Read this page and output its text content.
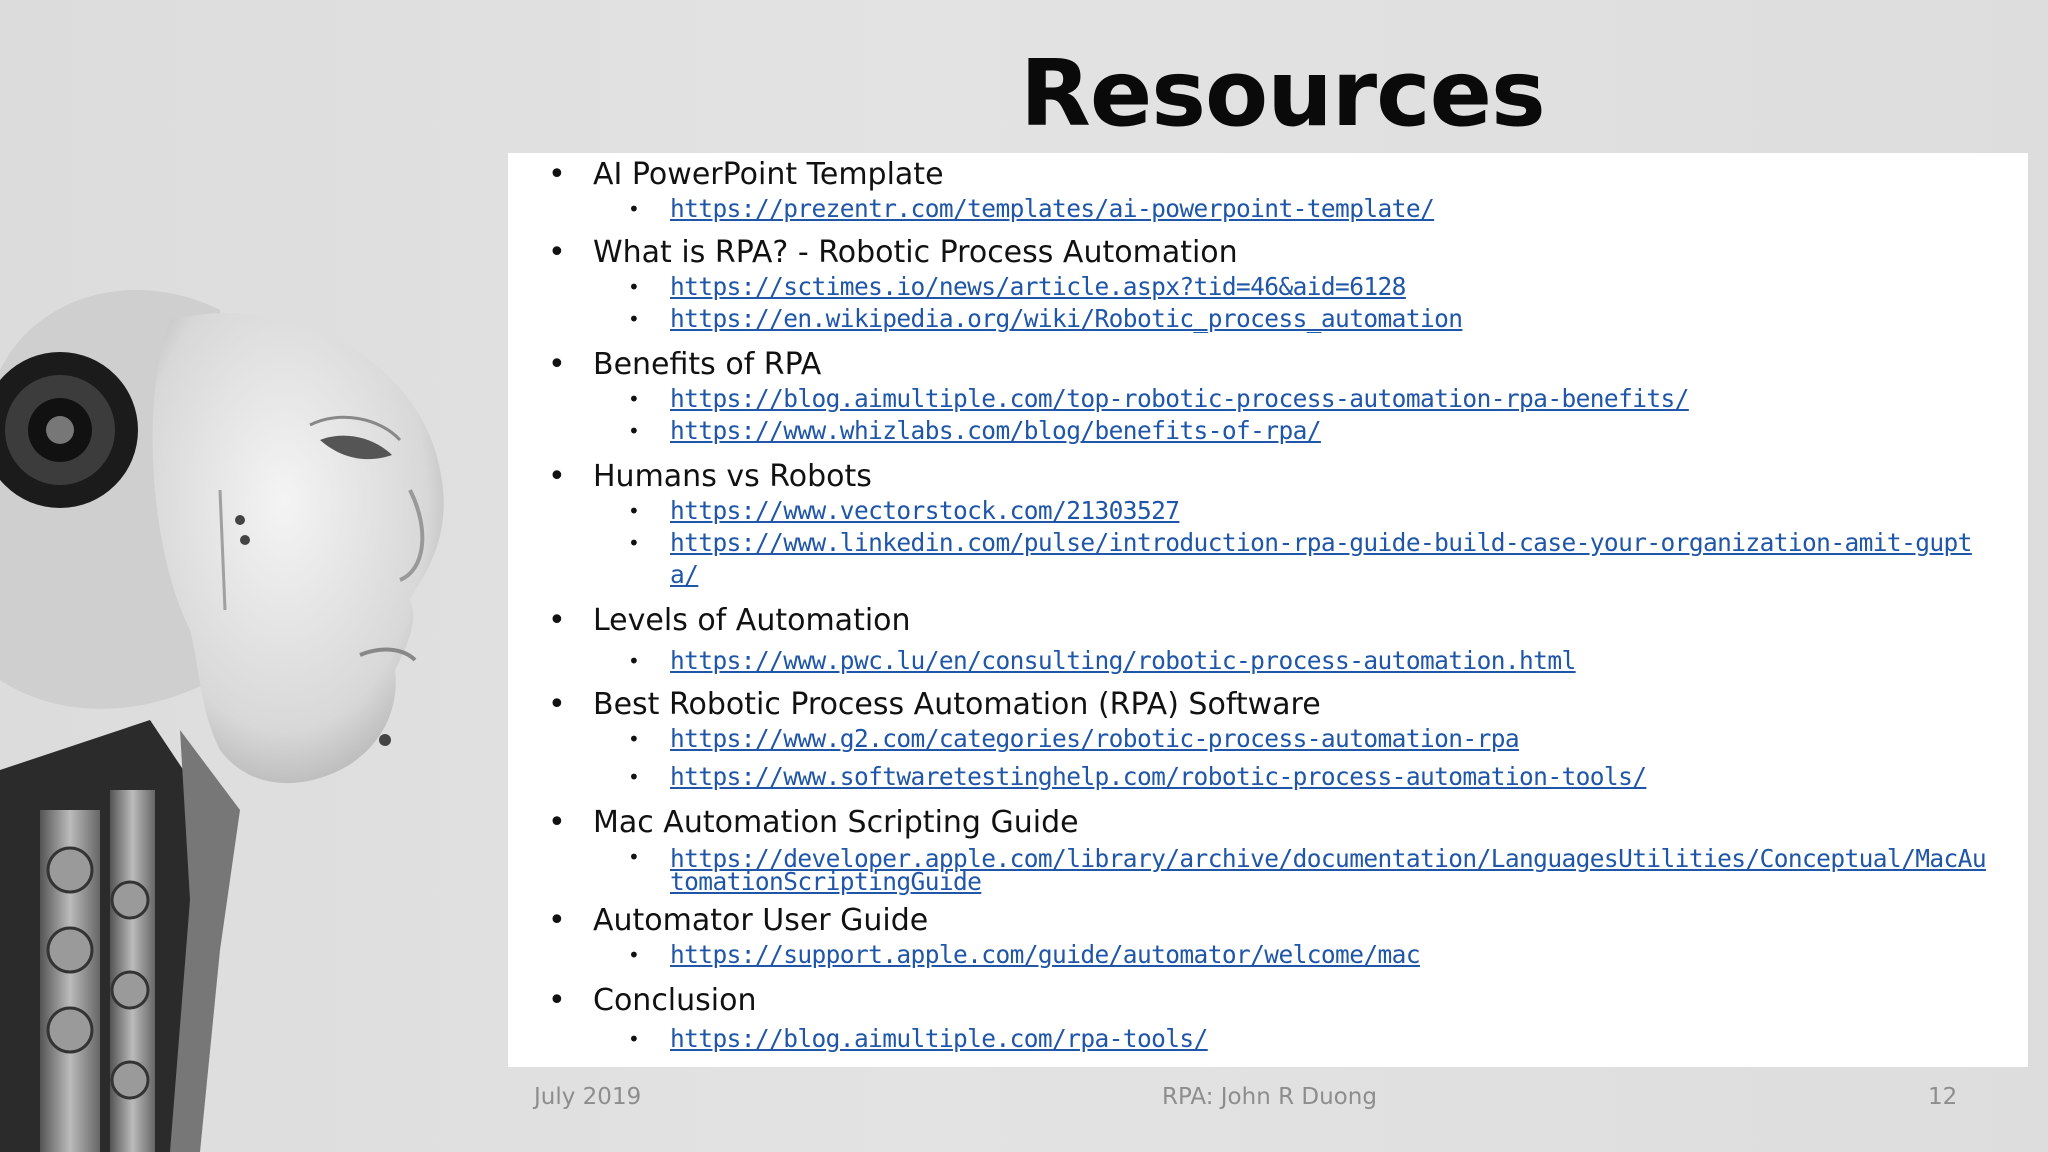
Resources
• AI PowerPoint Template
• https://prezentr.com/templates/ai-powerpoint-template/
• What is RPA? - Robotic Process Automation
• https://sctimes.io/news/article.aspx?tid=46&aid=6128
• https://en.wikipedia.org/wiki/Robotic_process_automation
• Benefits of RPA
• https://blog.aimultiple.com/top-robotic-process-automation-rpa-benefits/
• https://www.whizlabs.com/blog/benefits-of-rpa/
• Humans vs Robots
• https://www.vectorstock.com/21303527
• https://www.linkedin.com/pulse/introduction-rpa-guide-build-case-your-organization-amit-gupta/
• Levels of Automation
• https://www.pwc.lu/en/consulting/robotic-process-automation.html
• Best Robotic Process Automation (RPA) Software
• https://www.g2.com/categories/robotic-process-automation-rpa
• https://www.softwaretestinghelp.com/robotic-process-automation-tools/
• Mac Automation Scripting Guide
• https://developer.apple.com/library/archive/documentation/LanguagesUtilities/Conceptual/MacAutomationScriptingGuide
• Automator User Guide
• https://support.apple.com/guide/automator/welcome/mac
• Conclusion
• https://blog.aimultiple.com/rpa-tools/
July 2019	RPA: John R Duong	12
